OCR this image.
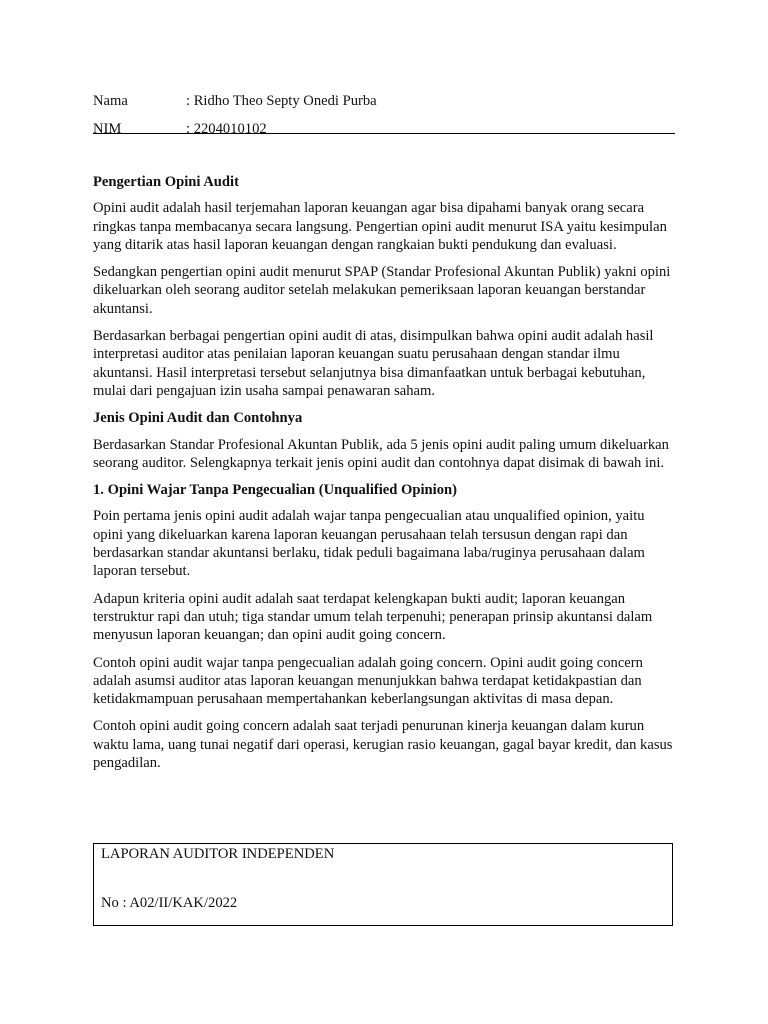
Nama	: Ridho Theo Septy Onedi Purba
NIM	: 2204010102
Pengertian Opini Audit

Opini audit adalah hasil terjemahan laporan keuangan agar bisa dipahami banyak orang secara ringkas tanpa membacanya secara langsung. Pengertian opini audit menurut ISA yaitu kesimpulan yang ditarik atas hasil laporan keuangan dengan rangkaian bukti pendukung dan evaluasi.

Sedangkan pengertian opini audit menurut SPAP (Standar Profesional Akuntan Publik) yakni opini dikeluarkan oleh seorang auditor setelah melakukan pemeriksaan laporan keuangan berstandar akuntansi.

Berdasarkan berbagai pengertian opini audit di atas, disimpulkan bahwa opini audit adalah hasil interpretasi auditor atas penilaian laporan keuangan suatu perusahaan dengan standar ilmu akuntansi. Hasil interpretasi tersebut selanjutnya bisa dimanfaatkan untuk berbagai kebutuhan, mulai dari pengajuan izin usaha sampai penawaran saham.

Jenis Opini Audit dan Contohnya

Berdasarkan Standar Profesional Akuntan Publik, ada 5 jenis opini audit paling umum dikeluarkan seorang auditor. Selengkapnya terkait jenis opini audit dan contohnya dapat disimak di bawah ini.

1. Opini Wajar Tanpa Pengecualian (Unqualified Opinion)

Poin pertama jenis opini audit adalah wajar tanpa pengecualian atau unqualified opinion, yaitu opini yang dikeluarkan karena laporan keuangan perusahaan telah tersusun dengan rapi dan berdasarkan standar akuntansi berlaku, tidak peduli bagaimana laba/ruginya perusahaan dalam laporan tersebut.

Adapun kriteria opini audit adalah saat terdapat kelengkapan bukti audit; laporan keuangan terstruktur rapi dan utuh; tiga standar umum telah terpenuhi; penerapan prinsip akuntansi dalam menyusun laporan keuangan; dan opini audit going concern.

Contoh opini audit wajar tanpa pengecualian adalah going concern. Opini audit going concern adalah asumsi auditor atas laporan keuangan menunjukkan bahwa terdapat ketidakpastian dan ketidakmampuan perusahaan mempertahankan keberlangsungan aktivitas di masa depan.

Contoh opini audit going concern adalah saat terjadi penurunan kinerja keuangan dalam kurun waktu lama, uang tunai negatif dari operasi, kerugian rasio keuangan, gagal bayar kredit, dan kasus pengadilan.

LAPORAN AUDITOR INDEPENDEN
No : A02/II/KAK/2022
